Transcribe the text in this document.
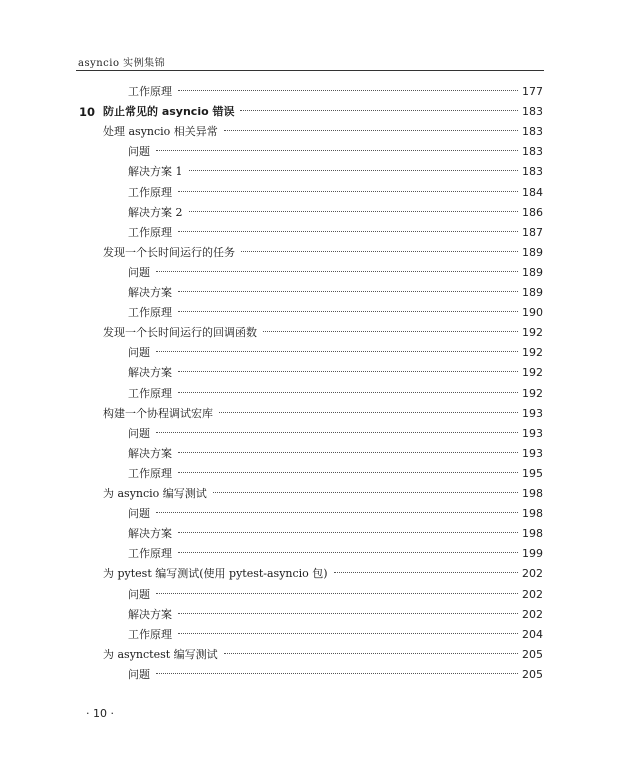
asyncio 实例集锦
工作原理	177
10 防止常见的 asyncio 错误	183
处理 asyncio 相关异常	183
问题	183
解决方案 1	183
工作原理	184
解决方案 2	186
工作原理	187
发现一个长时间运行的任务	189
问题	189
解决方案	189
工作原理	190
发现一个长时间运行的回调函数	192
问题	192
解决方案	192
工作原理	192
构建一个协程调试宏库	193
问题	193
解决方案	193
工作原理	195
为 asyncio 编写测试	198
问题	198
解决方案	198
工作原理	199
为 pytest 编写测试(使用 pytest-asyncio 包)	202
问题	202
解决方案	202
工作原理	204
为 asynctest 编写测试	205
问题	205
· 10 ·
